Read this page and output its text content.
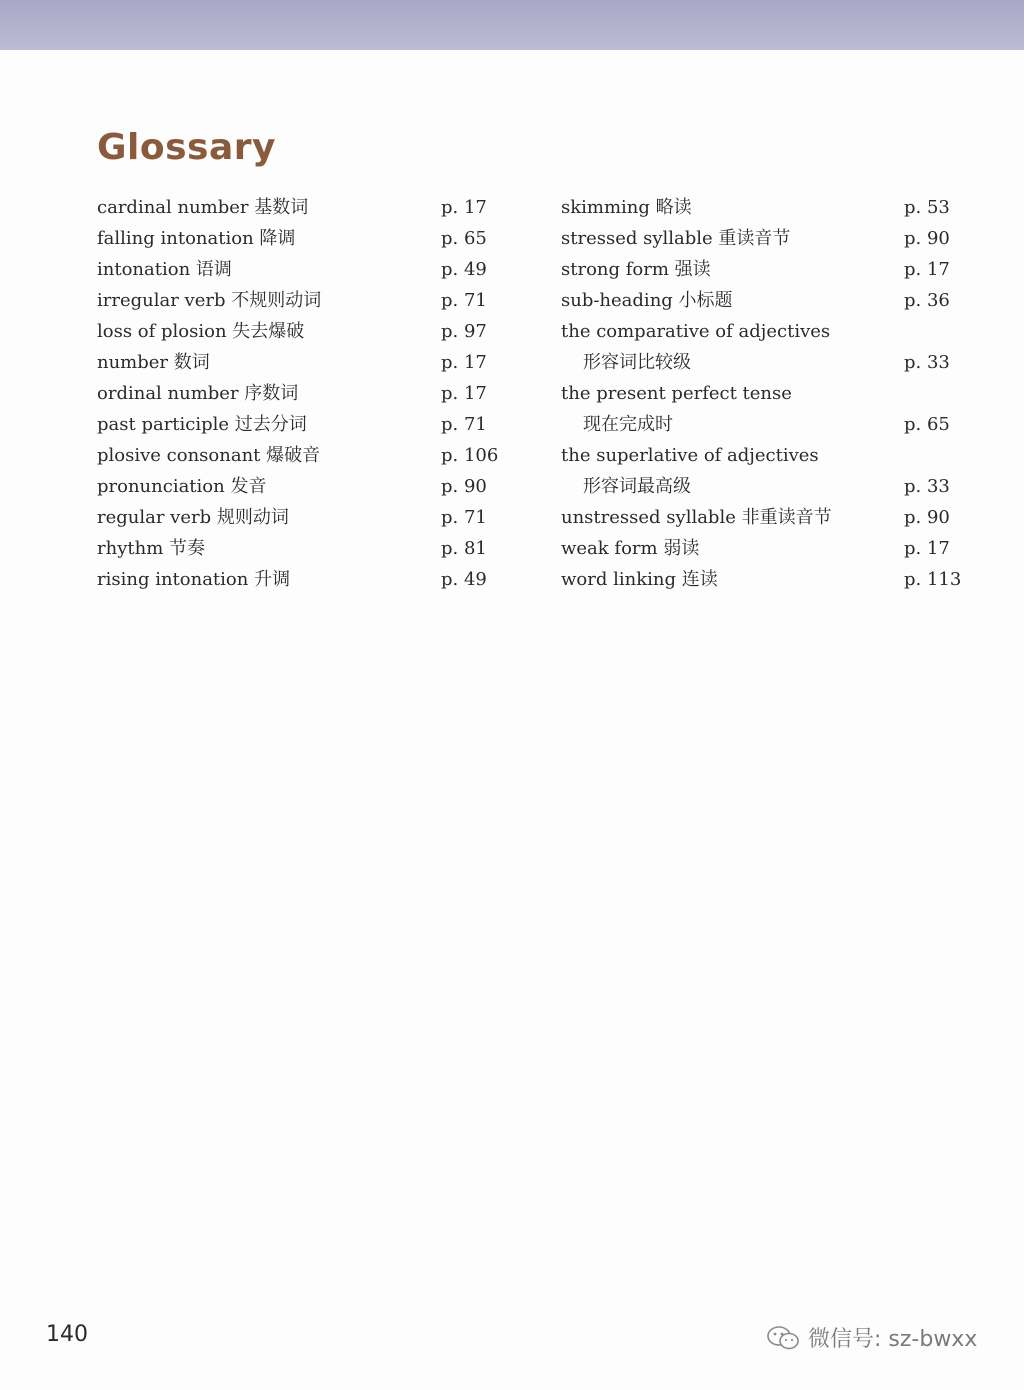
Glossary
cardinal number 基数词	p. 17
falling intonation 降调	p. 65
intonation 语调	p. 49
irregular verb 不规则动词	p. 71
loss of plosion 失去爆破	p. 97
number 数词	p. 17
ordinal number 序数词	p. 17
past participle 过去分词	p. 71
plosive consonant 爆破音	p. 106
pronunciation 发音	p. 90
regular verb 规则动词	p. 71
rhythm 节奏	p. 81
rising intonation 升调	p. 49
skimming 略读	p. 53
stressed syllable 重读音节	p. 90
strong form 强读	p. 17
sub-heading 小标题	p. 36
the comparative of adjectives
形容词比较级	p. 33
the present perfect tense
现在完成时	p. 65
the superlative of adjectives
形容词最高级	p. 33
unstressed syllable 非重读音节	p. 90
weak form 弱读	p. 17
word linking 连读	p. 113
140	微信号: sz-bwxx
